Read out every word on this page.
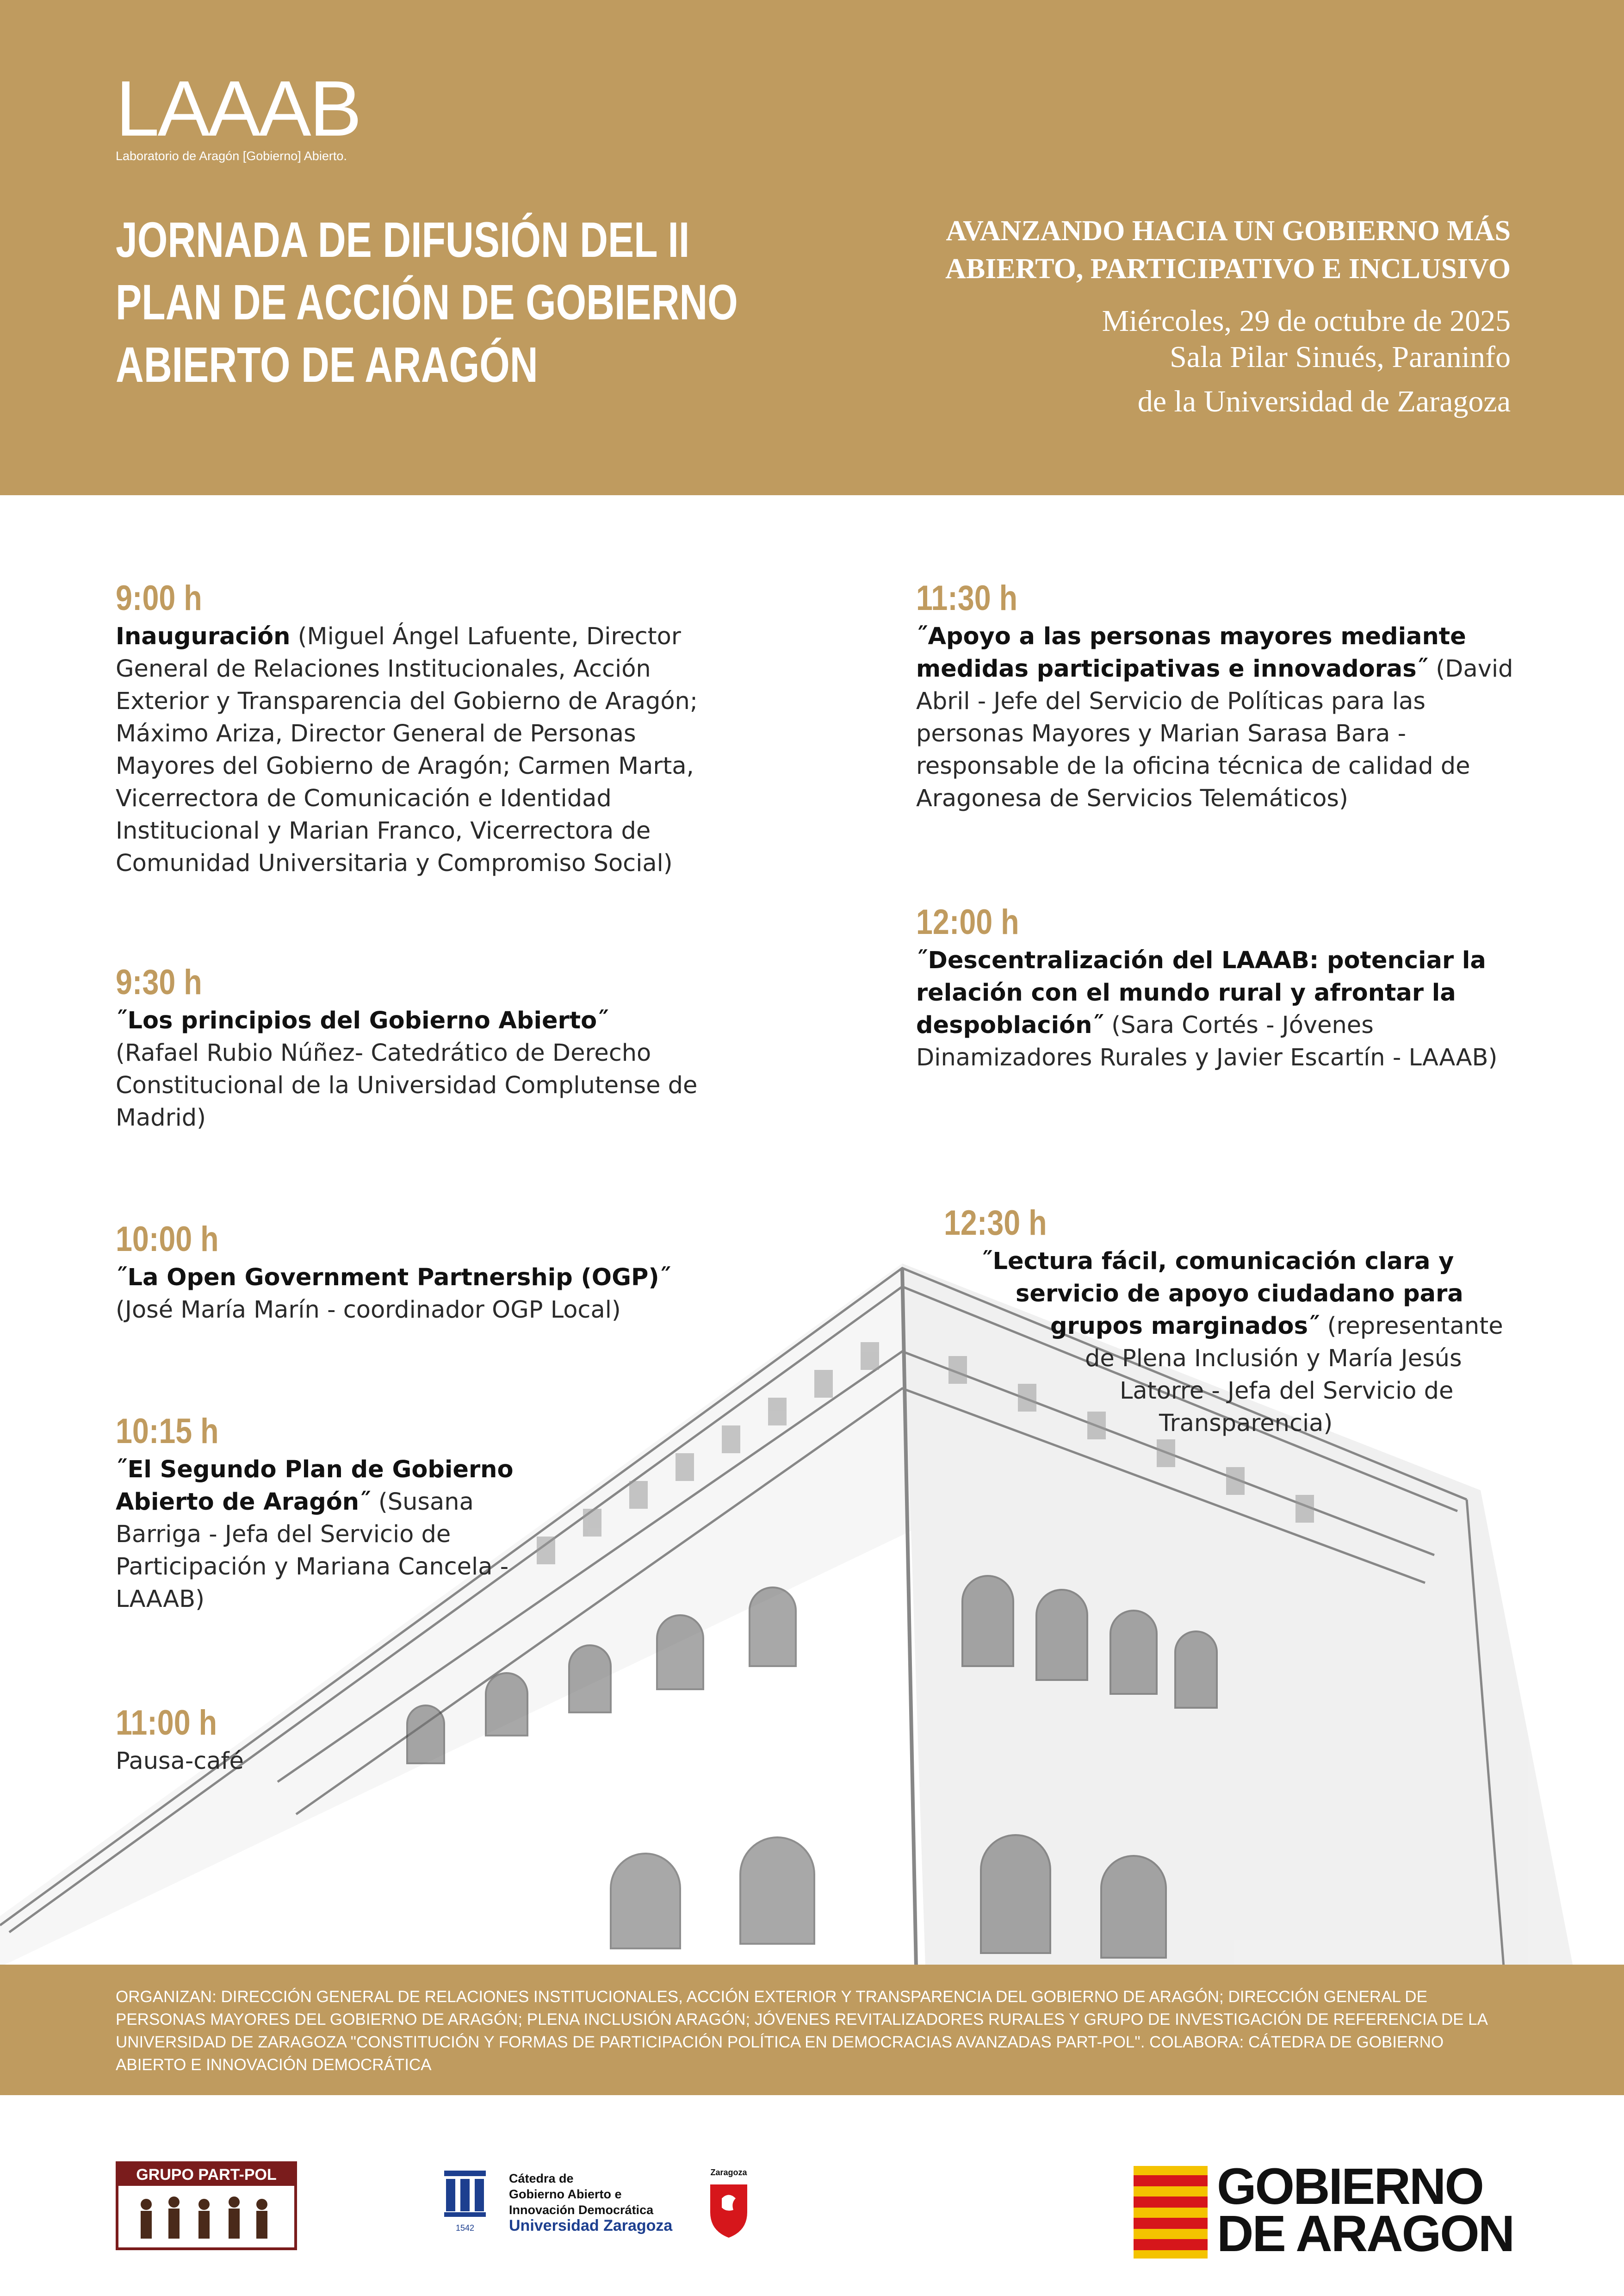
LAAAB
Laboratorio de Aragón [Gobierno] Abierto.
JORNADA DE DIFUSIÓN DEL II
PLAN DE ACCIÓN DE GOBIERNO
ABIERTO DE ARAGÓN
AVANZANDO HACIA UN GOBIERNO MÁS
ABIERTO, PARTICIPATIVO E INCLUSIVO
Miércoles, 29 de octubre de 2025
Sala Pilar Sinués, Paraninfo
de la Universidad de Zaragoza
9:00 h
Inauguración (Miguel Ángel Lafuente, Director General de Relaciones Institucionales, Acción Exterior y Transparencia del Gobierno de Aragón; Máximo Ariza, Director General de Personas Mayores del Gobierno de Aragón; Carmen Marta, Vicerrectora de Comunicación e Identidad Institucional y Marian Franco, Vicerrectora de Comunidad Universitaria y Compromiso Social)
9:30 h
˝Los principios del Gobierno Abierto˝
(Rafael Rubio Núñez- Catedrático de Derecho Constitucional de la Universidad Complutense de Madrid)
10:00 h
˝La Open Government Partnership (OGP)˝
(José María Marín - coordinador OGP Local)
10:15 h
˝El Segundo Plan de Gobierno Abierto de Aragón˝ (Susana Barriga - Jefa del Servicio de Participación y Mariana Cancela - LAAAB)
11:00 h
Pausa-café
11:30 h
˝Apoyo a las personas mayores mediante medidas participativas e innovadoras˝ (David Abril - Jefe del Servicio de Políticas para las personas Mayores y Marian Sarasa Bara - responsable de la oficina técnica de calidad de Aragonesa de Servicios Telemáticos)
12:00 h
˝Descentralización del LAAAB: potenciar la relación con el mundo rural y afrontar la despoblación˝ (Sara Cortés - Jóvenes Dinamizadores Rurales y Javier Escartín - LAAAB)
12:30 h
˝Lectura fácil, comunicación clara y
servicio de apoyo ciudadano para
grupos marginados˝ (representante
de Plena Inclusión y María Jesús
Latorre - Jefa del Servicio de
Transparencia)
ORGANIZAN: DIRECCIÓN GENERAL DE RELACIONES INSTITUCIONALES, ACCIÓN EXTERIOR Y TRANSPARENCIA DEL GOBIERNO DE ARAGÓN; DIRECCIÓN GENERAL DE PERSONAS MAYORES DEL GOBIERNO DE ARAGÓN; PLENA INCLUSIÓN ARAGÓN; JÓVENES REVITALIZADORES RURALES Y GRUPO DE INVESTIGACIÓN DE REFERENCIA DE LA UNIVERSIDAD DE ZARAGOZA "CONSTITUCIÓN Y FORMAS DE PARTICIPACIÓN POLÍTICA EN DEMOCRACIAS AVANZADAS PART-POL". COLABORA: CÁTEDRA DE GOBIERNO ABIERTO E INNOVACIÓN DEMOCRÁTICA
GRUPO PART-POL
1542
Cátedra de
Gobierno Abierto e
Innovación Democrática
Universidad Zaragoza
Zaragoza	GOBIERNO
DE ARAGON
